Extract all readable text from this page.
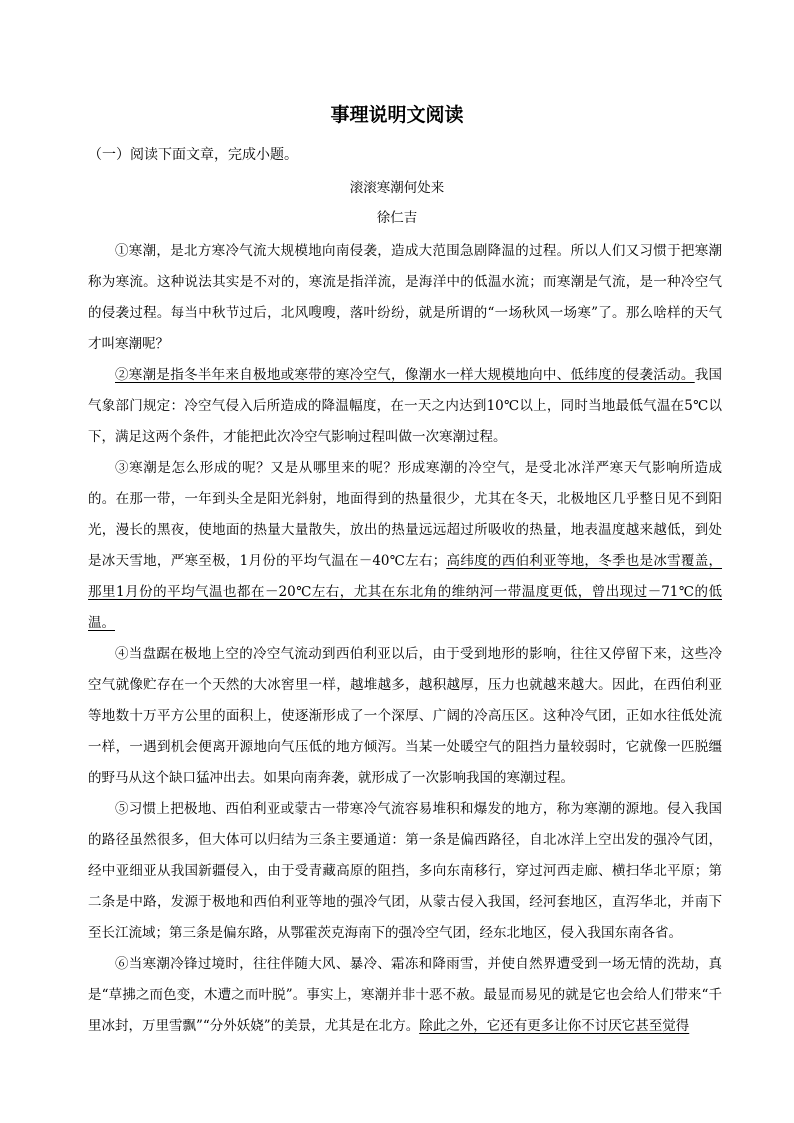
事理说明文阅读
（一）阅读下面文章，完成小题。
滚滚寒潮何处来
徐仁吉

①寒潮，是北方寒冷气流大规模地向南侵袭，造成大范围急剧降温的过程。所以人们又习惯于把寒潮称为寒流。这种说法其实是不对的，寒流是指洋流，是海洋中的低温水流；而寒潮是气流，是一种冷空气的侵袭过程。每当中秋节过后，北风嗖嗖，落叶纷纷，就是所谓的“一场秋风一场寒”了。那么啥样的天气才叫寒潮呢？

②寒潮是指冬半年来自极地或寒带的寒冷空气，像潮水一样大规模地向中、低纬度的侵袭活动。我国气象部门规定：冷空气侵入后所造成的降温幅度，在一天之内达到10℃以上，同时当地最低气温在5℃以下，满足这两个条件，才能把此次冷空气影响过程叫做一次寒潮过程。

③寒潮是怎么形成的呢？又是从哪里来的呢？形成寒潮的冷空气，是受北冰洋严寒天气影响所造成的。在那一带，一年到头全是阳光斜射，地面得到的热量很少，尤其在冬天，北极地区几乎整日见不到阳光，漫长的黑夜，使地面的热量大量散失，放出的热量远远超过所吸收的热量，地表温度越来越低，到处是冰天雪地，严寒至极，1月份的平均气温在－40℃左右；高纬度的西伯利亚等地，冬季也是冰雪覆盖，那里1月份的平均气温也都在－20℃左右，尤其在东北角的维纳河一带温度更低，曾出现过－71℃的低温。

④当盘踞在极地上空的冷空气流动到西伯利亚以后，由于受到地形的影响，往往又停留下来，这些冷空气就像贮存在一个天然的大冰窖里一样，越堆越多，越积越厚，压力也就越来越大。因此，在西伯利亚等地数十万平方公里的面积上，使逐渐形成了一个深厚、广阔的冷高压区。这种冷气团，正如水往低处流一样，一遇到机会便离开源地向气压低的地方倾泻。当某一处暖空气的阻挡力量较弱时，它就像一匹脱缰的野马从这个缺口猛冲出去。如果向南奔袭，就形成了一次影响我国的寒潮过程。

⑤习惯上把极地、西伯利亚或蒙古一带寒冷气流容易堆积和爆发的地方，称为寒潮的源地。侵入我国的路径虽然很多，但大体可以归结为三条主要通道：第一条是偏西路径，自北冰洋上空出发的强冷气团，经中亚细亚从我国新疆侵入，由于受青藏高原的阻挡，多向东南移行，穿过河西走廊、横扫华北平原；第二条是中路，发源于极地和西伯利亚等地的强冷气团，从蒙古侵入我国，经河套地区，直泻华北，并南下至长江流域；第三条是偏东路，从鄂霍茨克海南下的强冷空气团，经东北地区，侵入我国东南各省。

⑥当寒潮冷锋过境时，往往伴随大风、暴冷、霜冻和降雨雪，并使自然界遭受到一场无情的洗劫，真是“草拂之而色变，木遭之而叶脱”。事实上，寒潮并非十恶不赦。最显而易见的就是它也会给人们带来“千里冰封，万里雪飘”“分外妖娆”的美景，尤其是在北方。除此之外，它还有更多让你不讨厌它甚至觉得
